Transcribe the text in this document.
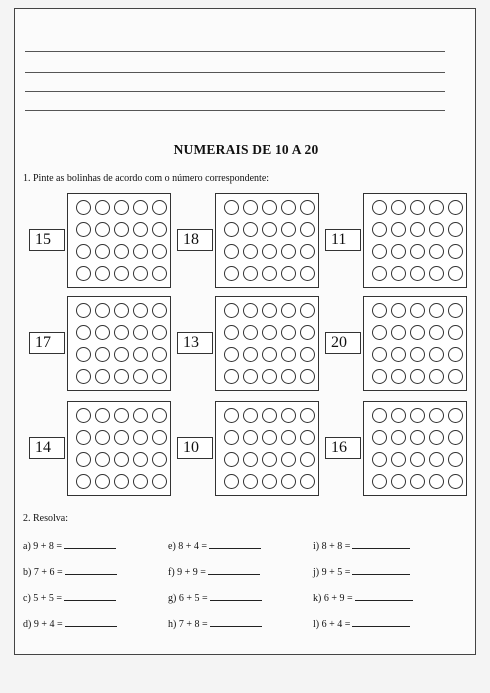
NUMERAIS DE 10 A 20
1. Pinte as bolinhas de acordo com o número correspondente:
15	18	11
17	13	20
14	10	16
2. Resolva:
a) 9 + 8 =	e) 8 + 4 =	i) 8 + 8 =
b) 7 + 6 =	f) 9 + 9 =	j) 9 + 5 =
c) 5 + 5 =	g) 6 + 5 =	k) 6 + 9 =
d) 9 + 4 =	h) 7 + 8 =	l) 6 + 4 =
